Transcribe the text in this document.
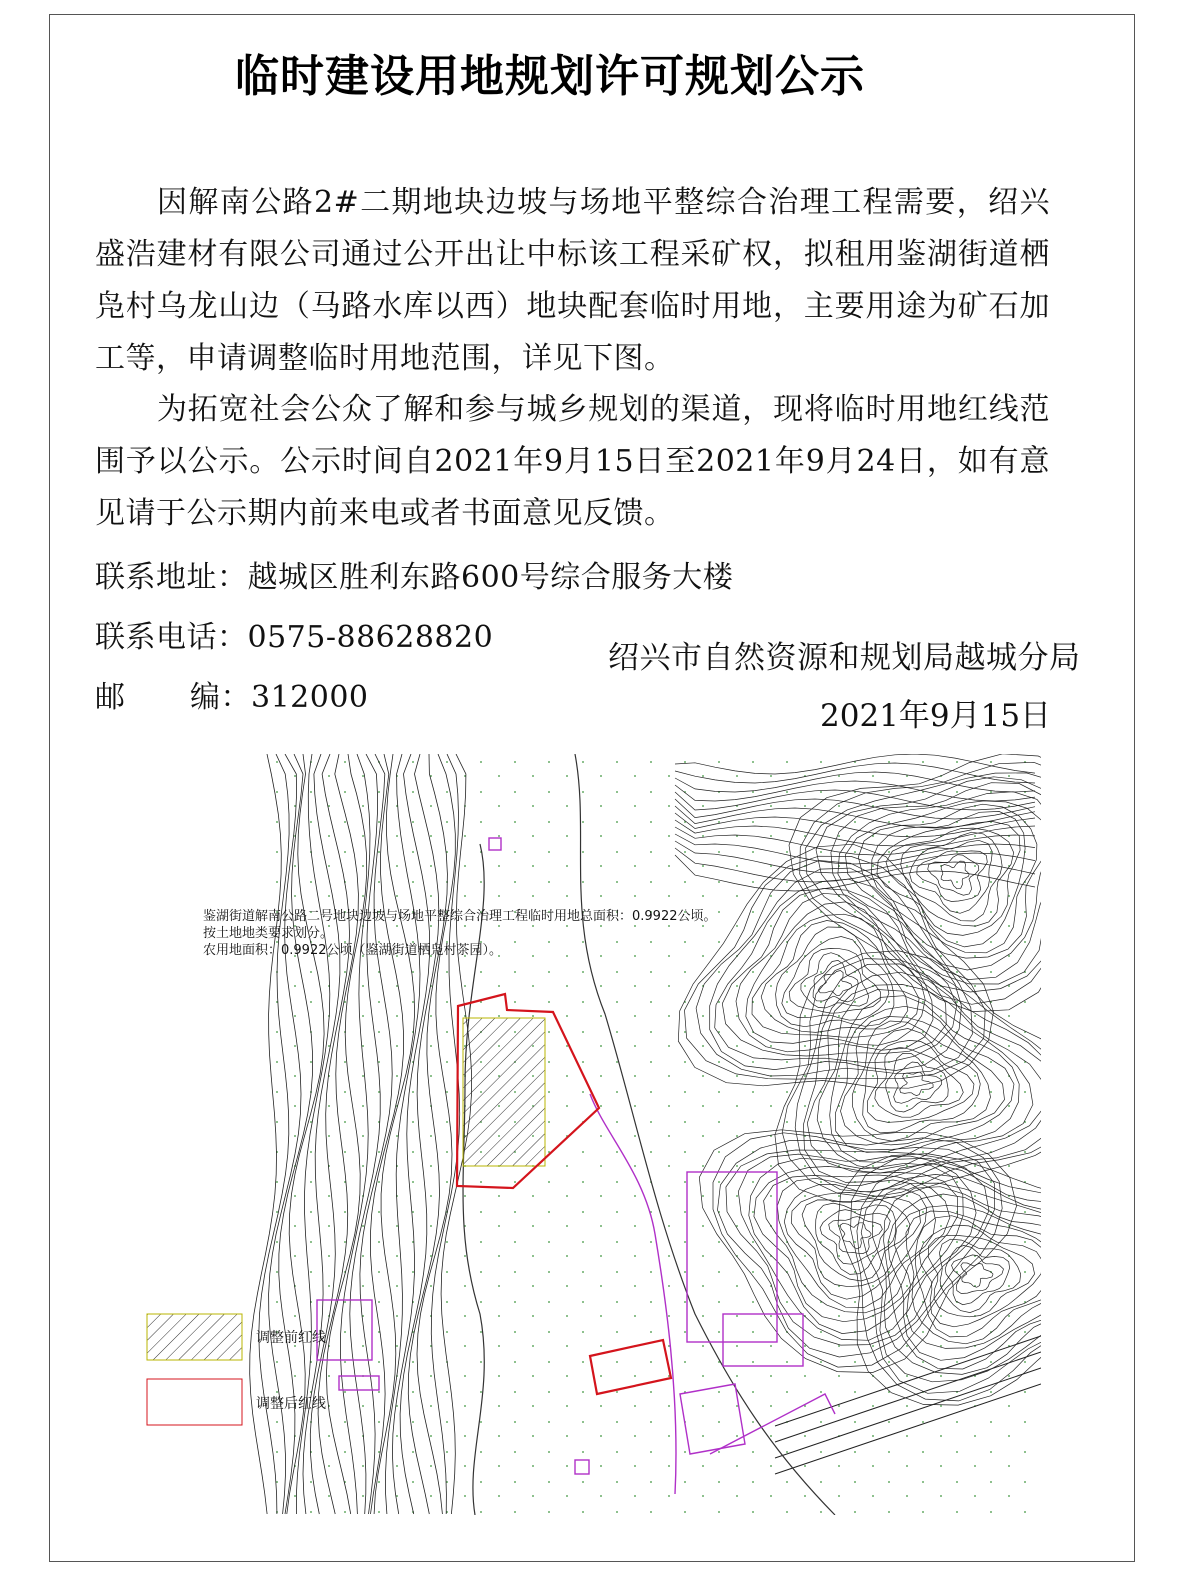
临时建设用地规划许可规划公示

因解南公路2#二期地块边坡与场地平整综合治理工程需要，绍兴盛浩建材有限公司通过公开出让中标该工程采矿权，拟租用鉴湖街道栖凫村乌龙山边（马路水库以西）地块配套临时用地，主要用途为矿石加工等，申请调整临时用地范围，详见下图。

为拓宽社会公众了解和参与城乡规划的渠道，现将临时用地红线范围予以公示。公示时间自2021年9月15日至2021年9月24日，如有意见请于公示期内前来电或者书面意见反馈。

联系地址：越城区胜利东路600号综合服务大楼
联系电话：0575-88628820
邮 编：312000
绍兴市自然资源和规划局越城分局
2021年9月15日
鉴湖街道解南公路二号地块边坡与场地平整综合治理工程临时用地总面积：0.9922公顷。
按土地地类要求划分。
农用地面积：0.9922公顷（鉴湖街道栖凫村茶园）。
调整前红线
调整后红线
